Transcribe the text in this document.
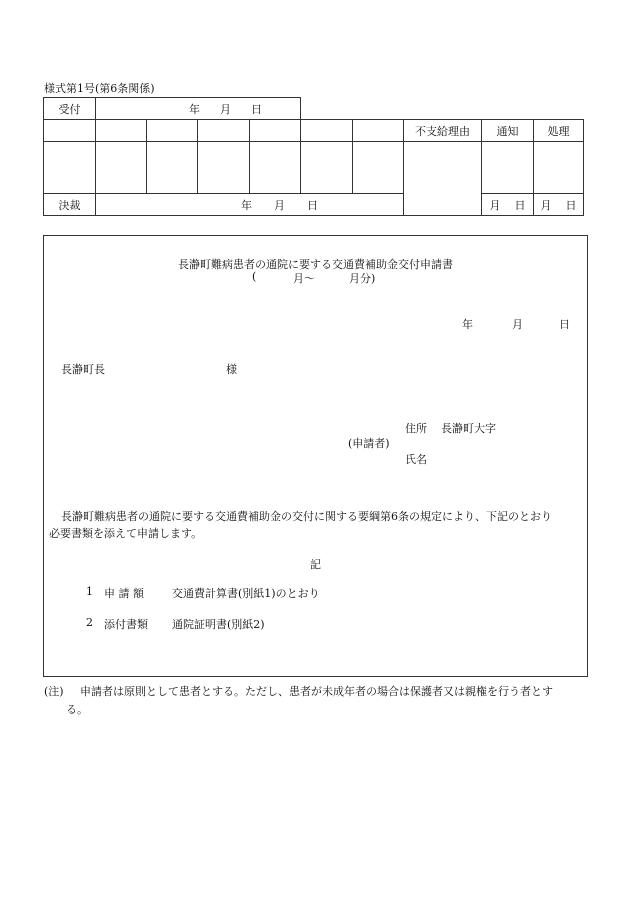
様式第1号(第6条関係)
受付	年 月 日								
							不支給理由	通知	処理

決裁	年 月 日							月 日	月 日
長瀞町難病患者の通院に要する交通費補助金交付申請書
(	月〜	月分)
年	月	日
長瀞町長	様
住所 長瀞町大字
(申請者)
氏名
長瀞町難病患者の通院に要する交通費補助金の交付に関する要綱第6条の規定により、下記のとおり
必要書類を添えて申請します。
記
1 申 請 額	交通費計算書(別紙1)のとおり
2 添付書類 通院証明書(別紙2)
(注) 申請者は原則として患者とする。ただし、患者が未成年者の場合は保護者又は親権を行う者とす
る。
